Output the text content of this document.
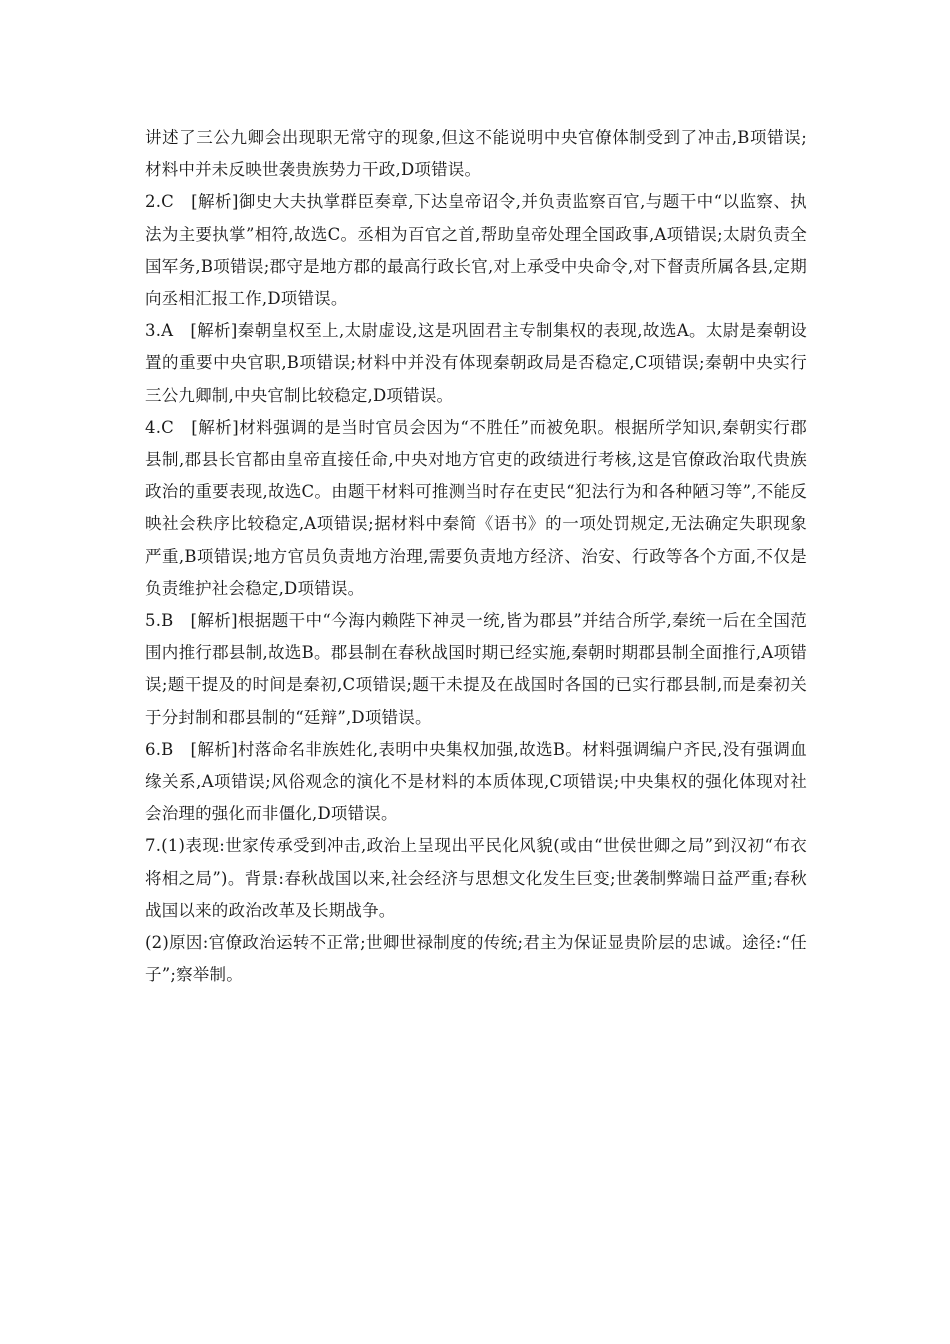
讲述了三公九卿会出现职无常守的现象,但这不能说明中央官僚体制受到了冲击,B项错误;材料中并未反映世袭贵族势力干政,D项错误。

2.C　[解析]御史大夫执掌群臣奏章,下达皇帝诏令,并负责监察百官,与题干中“以监察、执法为主要执掌”相符,故选C。丞相为百官之首,帮助皇帝处理全国政事,A项错误;太尉负责全国军务,B项错误;郡守是地方郡的最高行政长官,对上承受中央命令,对下督责所属各县,定期向丞相汇报工作,D项错误。

3.A　[解析]秦朝皇权至上,太尉虚设,这是巩固君主专制集权的表现,故选A。太尉是秦朝设置的重要中央官职,B项错误;材料中并没有体现秦朝政局是否稳定,C项错误;秦朝中央实行三公九卿制,中央官制比较稳定,D项错误。

4.C　[解析]材料强调的是当时官员会因为“不胜任”而被免职。根据所学知识,秦朝实行郡县制,郡县长官都由皇帝直接任命,中央对地方官吏的政绩进行考核,这是官僚政治取代贵族政治的重要表现,故选C。由题干材料可推测当时存在吏民“犯法行为和各种陋习等”,不能反映社会秩序比较稳定,A项错误;据材料中秦简《语书》的一项处罚规定,无法确定失职现象严重,B项错误;地方官员负责地方治理,需要负责地方经济、治安、行政等各个方面,不仅是负责维护社会稳定,D项错误。

5.B　[解析]根据题干中“今海内赖陛下神灵一统,皆为郡县”并结合所学,秦统一后在全国范围内推行郡县制,故选B。郡县制在春秋战国时期已经实施,秦朝时期郡县制全面推行,A项错误;题干提及的时间是秦初,C项错误;题干未提及在战国时各国的已实行郡县制,而是秦初关于分封制和郡县制的“廷辩”,D项错误。

6.B　[解析]村落命名非族姓化,表明中央集权加强,故选B。材料强调编户齐民,没有强调血缘关系,A项错误;风俗观念的演化不是材料的本质体现,C项错误;中央集权的强化体现对社会治理的强化而非僵化,D项错误。

7.(1)表现:世家传承受到冲击,政治上呈现出平民化风貌(或由“世侯世卿之局”到汉初“布衣将相之局”)。背景:春秋战国以来,社会经济与思想文化发生巨变;世袭制弊端日益严重;春秋战国以来的政治改革及长期战争。

(2)原因:官僚政治运转不正常;世卿世禄制度的传统;君主为保证显贵阶层的忠诚。途径:“任子”;察举制。
